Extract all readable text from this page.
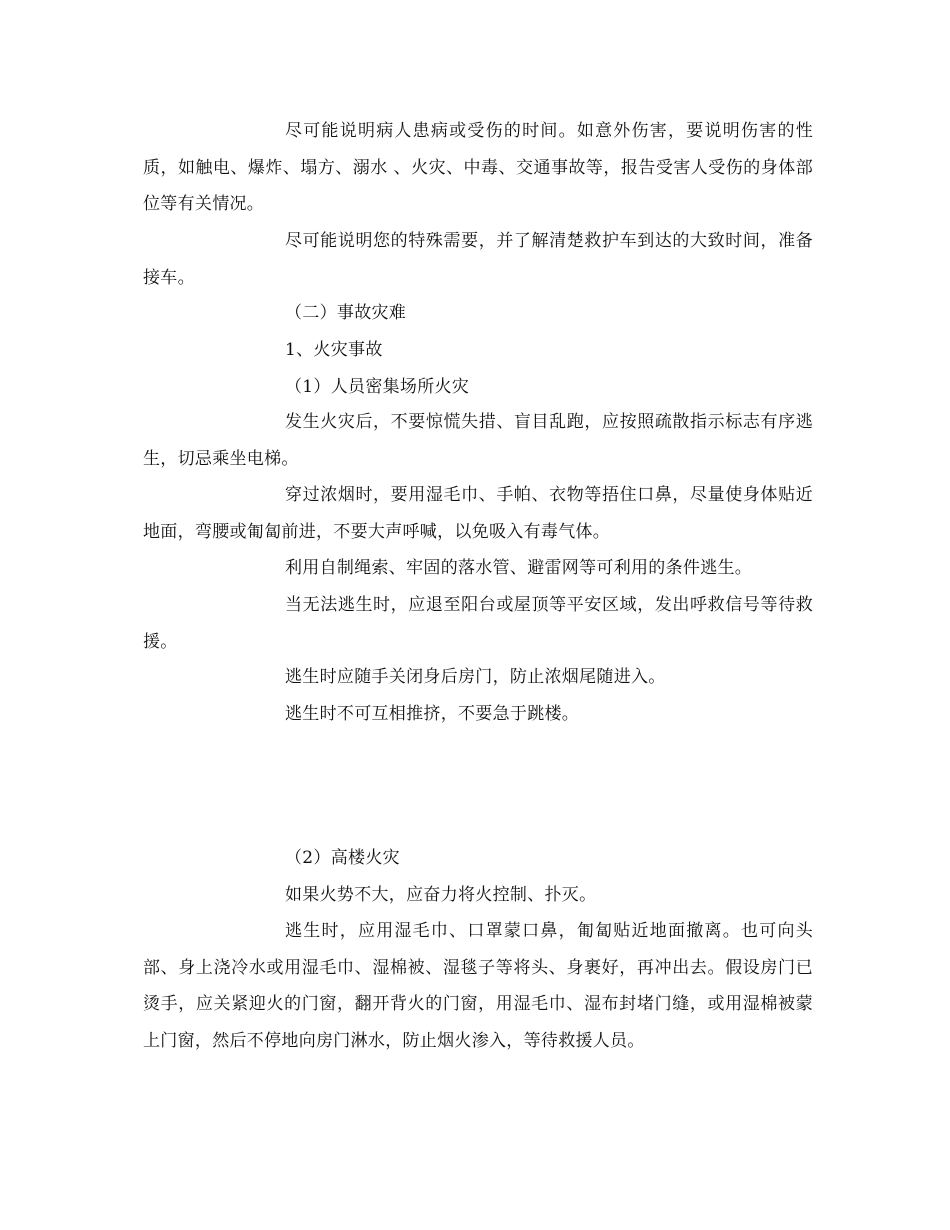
尽可能说明病人患病或受伤的时间。如意外伤害，要说明伤害的性质，如触电、爆炸、塌方、溺水 、火灾、中毒、交通事故等，报告受害人受伤的身体部位等有关情况。

尽可能说明您的特殊需要，并了解清楚救护车到达的大致时间，准备接车。

（二）事故灾难

1、火灾事故

（1）人员密集场所火灾

发生火灾后，不要惊慌失措、盲目乱跑，应按照疏散指示标志有序逃生，切忌乘坐电梯。

穿过浓烟时，要用湿毛巾、手帕、衣物等捂住口鼻，尽量使身体贴近地面，弯腰或匍匐前进，不要大声呼喊，以免吸入有毒气体。

利用自制绳索、牢固的落水管、避雷网等可利用的条件逃生。

当无法逃生时，应退至阳台或屋顶等平安区域，发出呼救信号等待救援。

逃生时应随手关闭身后房门，防止浓烟尾随进入。

逃生时不可互相推挤，不要急于跳楼。

（2）高楼火灾

如果火势不大，应奋力将火控制、扑灭。

逃生时，应用湿毛巾、口罩蒙口鼻，匍匐贴近地面撤离。也可向头部、身上浇冷水或用湿毛巾、湿棉被、湿毯子等将头、身裹好，再冲出去。假设房门已烫手，应关紧迎火的门窗，翻开背火的门窗，用湿毛巾、湿布封堵门缝，或用湿棉被蒙上门窗，然后不停地向房门淋水，防止烟火渗入，等待救援人员。
